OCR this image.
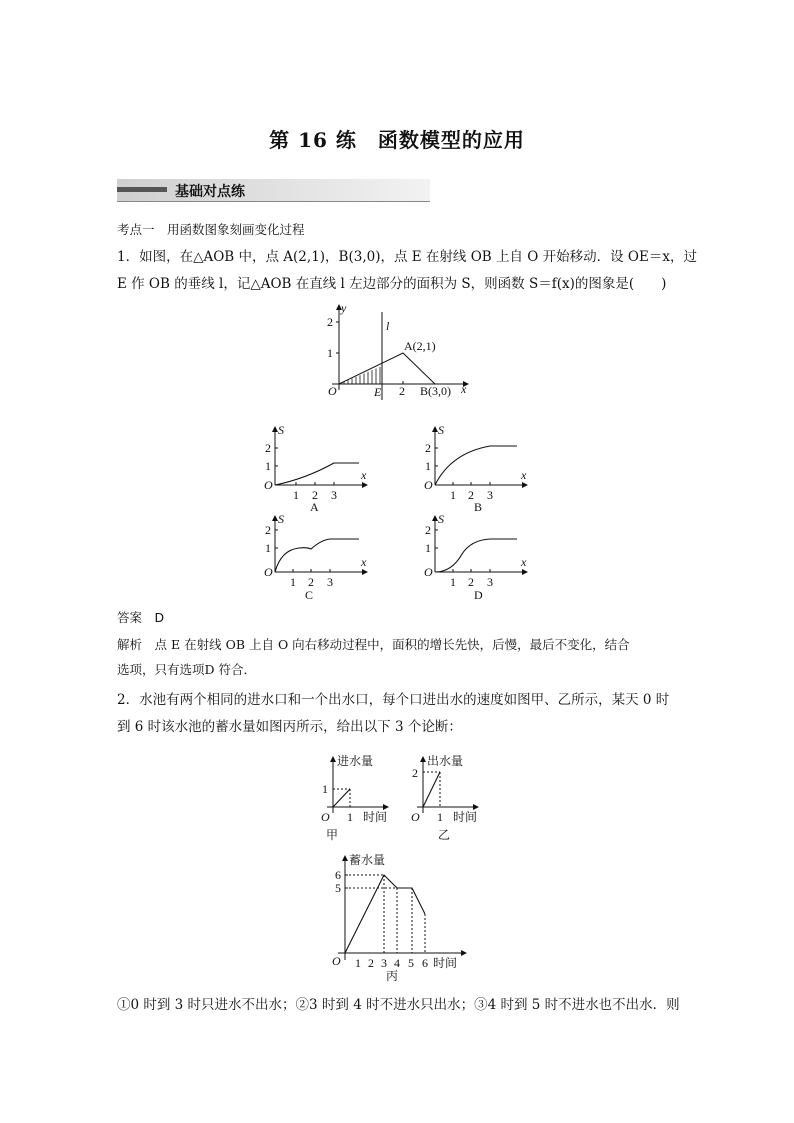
第 16 练　函数模型的应用
基础对点练
考点一　用函数图象刻画变化过程
1．如图，在△AOB 中，点 A(2,1)，B(3,0)，点 E 在射线 OB 上自 O 开始移动．设 OE＝x，过
E 作 OB 的垂线 l，记△AOB 在直线 l 左边部分的面积为 S，则函数 S＝f(x)的图象是(　　)
y
x
O
2
1
l
A(2,1)
E 2 B(3,0)
S
x
O
2
1
1 2 3
A
S
x
O
2
1
1 2 3
B
S
x
O
2
1
1 2 3
C
S
x
O
2
1
1 2 3
D
答案　 D
解析　 点 E 在射线 OB 上自 O 向右移动过程中，面积的增长先快，后慢，最后不变化，结合
选项，只有选项D 符合．
2．水池有两个相同的进水口和一个出水口，每个口进出水的速度如图甲、乙所示，某天 0 时
到 6 时该水池的蓄水量如图丙所示，给出以下 3 个论断：
进水量
时间
O
1
1
甲
出水量
时间
O
2
1
乙
蓄水量
时间
O
6
5
1 2 3 4 5 6
丙
①0 时到 3 时只进水不出水；②3 时到 4 时不进水只出水；③4 时到 5 时不进水也不出水．则
